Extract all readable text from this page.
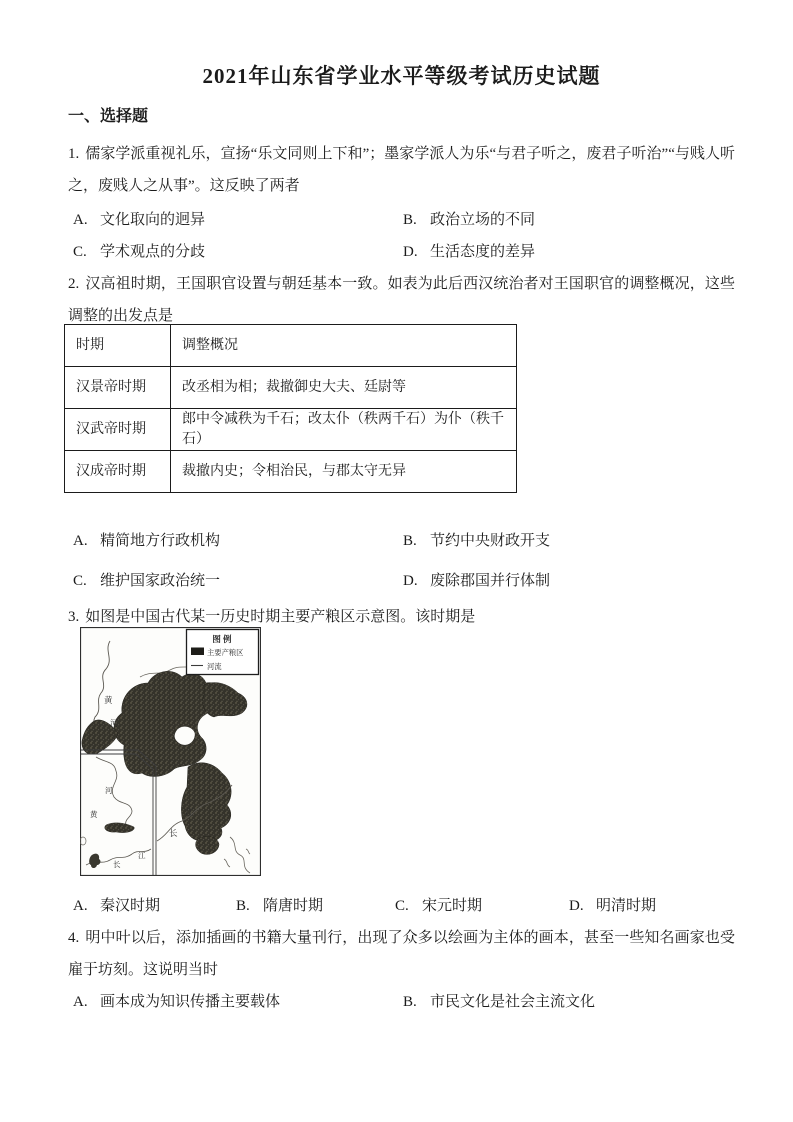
2021年山东省学业水平等级考试历史试题
一、选择题

1. 儒家学派重视礼乐，宣扬“乐文同则上下和”；墨家学派人为乐“与君子听之，废君子听治”“与贱人听之，废贱人之从事”。这反映了两者

A. 文化取向的迥异	B. 政治立场的不同
C. 学术观点的分歧	D. 生活态度的差异

2. 汉高祖时期，王国职官设置与朝廷基本一致。如表为此后西汉统治者对王国职官的调整概况，这些调整的出发点是

时期	调整概况
汉景帝时期	改丞相为相；裁撤御史大夫、廷尉等
汉武帝时期	郎中令减秩为千石；改太仆（秩两千石）为仆（秩千石）
汉成帝时期	裁撤内史；令相治民，与郡太守无异
A. 精简地方行政机构	B. 节约中央财政开支
C. 维护国家政治统一	D. 废除郡国并行体制

3. 如图是中国古代某一历史时期主要产粮区示意图。该时期是

黄
河
江
长
河
黄
长
江
图 例
主要产粮区
河流
A. 秦汉时期	B. 隋唐时期	C. 宋元时期	D. 明清时期

4. 明中叶以后，添加插画的书籍大量刊行，出现了众多以绘画为主体的画本，甚至一些知名画家也受雇于坊刻。这说明当时

A. 画本成为知识传播主要载体	B. 市民文化是社会主流文化
